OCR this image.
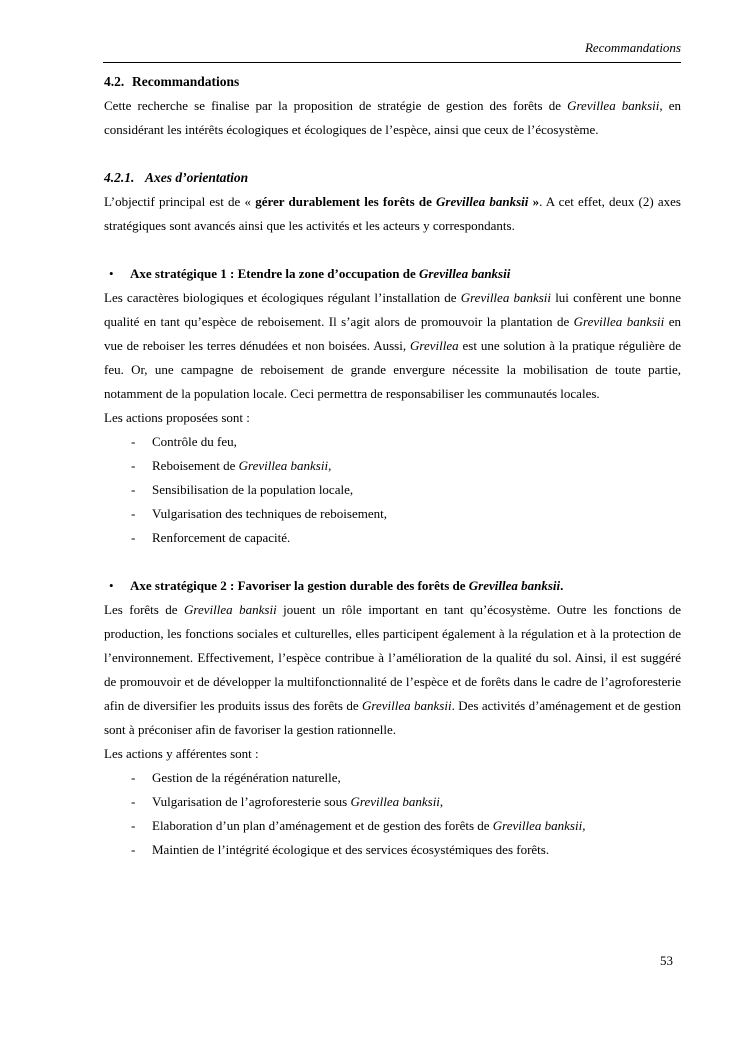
Recommandations
4.2. Recommandations

Cette recherche se finalise par la proposition de stratégie de gestion des forêts de Grevillea banksii, en considérant les intérêts écologiques et écologiques de l’espèce, ainsi que ceux de l’écosystème.

4.2.1. Axes d’orientation

L’objectif principal est de « gérer durablement les forêts de Grevillea banksii ». A cet effet, deux (2) axes stratégiques sont avancés ainsi que les activités et les acteurs y correspondants.

•	Axe stratégique 1 : Etendre la zone d’occupation de Grevillea banksii

Les caractères biologiques et écologiques régulant l’installation de Grevillea banksii lui confèrent une bonne qualité en tant qu’espèce de reboisement. Il s’agit alors de promouvoir la plantation de Grevillea banksii en vue de reboiser les terres dénudées et non boisées. Aussi, Grevillea est une solution à la pratique régulière de feu. Or, une campagne de reboisement de grande envergure nécessite la mobilisation de toute partie, notamment de la population locale. Ceci permettra de responsabiliser les communautés locales.

Les actions proposées sont :
-	Contrôle du feu,
-	Reboisement de Grevillea banksii,
-	Sensibilisation de la population locale,
-	Vulgarisation des techniques de reboisement,
-	Renforcement de capacité.
•	Axe stratégique 2 : Favoriser la gestion durable des forêts de Grevillea banksii.

Les forêts de Grevillea banksii jouent un rôle important en tant qu’écosystème. Outre les fonctions de production, les fonctions sociales et culturelles, elles participent également à la régulation et à la protection de l’environnement. Effectivement, l’espèce contribue à l’amélioration de la qualité du sol. Ainsi, il est suggéré de promouvoir et de développer la multifonctionnalité de l’espèce et de forêts dans le cadre de l’agroforesterie afin de diversifier les produits issus des forêts de Grevillea banksii. Des activités d’aménagement et de gestion sont à préconiser afin de favoriser la gestion rationnelle.

Les actions y afférentes sont :
-	Gestion de la régénération naturelle,
-	Vulgarisation de l’agroforesterie sous Grevillea banksii,
-	Elaboration d’un plan d’aménagement et de gestion des forêts de Grevillea banksii,
-	Maintien de l’intégrité écologique et des services écosystémiques des forêts.
53
